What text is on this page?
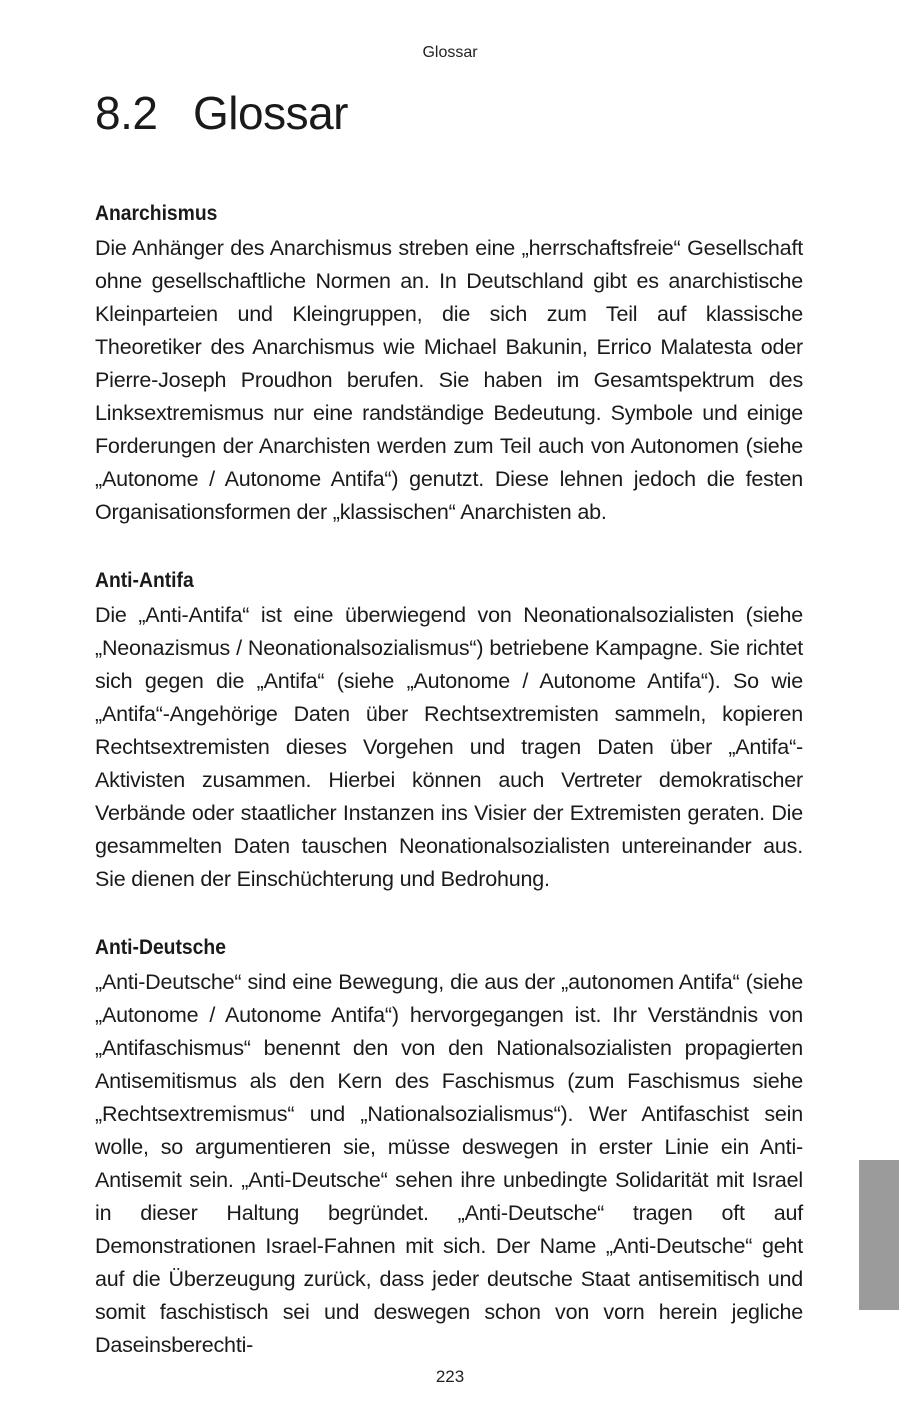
Glossar
8.2 Glossar
Anarchismus

Die Anhänger des Anarchismus streben eine „herrschaftsfreie“ Gesellschaft ohne gesellschaftliche Normen an. In Deutschland gibt es anarchistische Kleinparteien und Kleingruppen, die sich zum Teil auf klassische Theoretiker des Anarchismus wie Michael Bakunin, Errico Malatesta oder Pierre-Joseph Proudhon berufen. Sie haben im Gesamtspektrum des Linksextremismus nur eine randständige Bedeutung. Symbole und einige Forderungen der Anarchisten werden zum Teil auch von Autonomen (siehe „Autonome / Autonome Antifa“) genutzt. Diese lehnen jedoch die festen Organisationsformen der „klassischen“ Anarchisten ab.

Anti-Antifa

Die „Anti-Antifa“ ist eine überwiegend von Neonationalsozialisten (siehe „Neonazismus / Neonationalsozialismus“) betriebene Kampagne. Sie richtet sich gegen die „Antifa“ (siehe „Autonome / Autonome Antifa“). So wie „Antifa“-Angehörige Daten über Rechtsextremisten sammeln, kopieren Rechtsextremisten dieses Vorgehen und tragen Daten über „Antifa“-Aktivisten zusammen. Hierbei können auch Vertreter demokratischer Verbände oder staatlicher Instanzen ins Visier der Extremisten geraten. Die gesammelten Daten tauschen Neonationalsozialisten untereinander aus. Sie dienen der Einschüchterung und Bedrohung.

Anti-Deutsche

„Anti-Deutsche“ sind eine Bewegung, die aus der „autonomen Antifa“ (siehe „Autonome / Autonome Antifa“) hervorgegangen ist. Ihr Verständnis von „Antifaschismus“ benennt den von den Nationalsozialisten propagierten Antisemitismus als den Kern des Faschismus (zum Faschismus siehe „Rechtsextremismus“ und „Nationalsozialismus“). Wer Antifaschist sein wolle, so argumentieren sie, müsse deswegen in erster Linie ein Anti-Antisemit sein. „Anti-Deutsche“ sehen ihre unbedingte Solidarität mit Israel in dieser Haltung begründet. „Anti-Deutsche“ tragen oft auf Demonstrationen Israel-Fahnen mit sich. Der Name „Anti-Deutsche“ geht auf die Überzeugung zurück, dass jeder deutsche Staat antisemitisch und somit faschistisch sei und deswegen schon von vorn herein jegliche Daseinsberechti-

223
